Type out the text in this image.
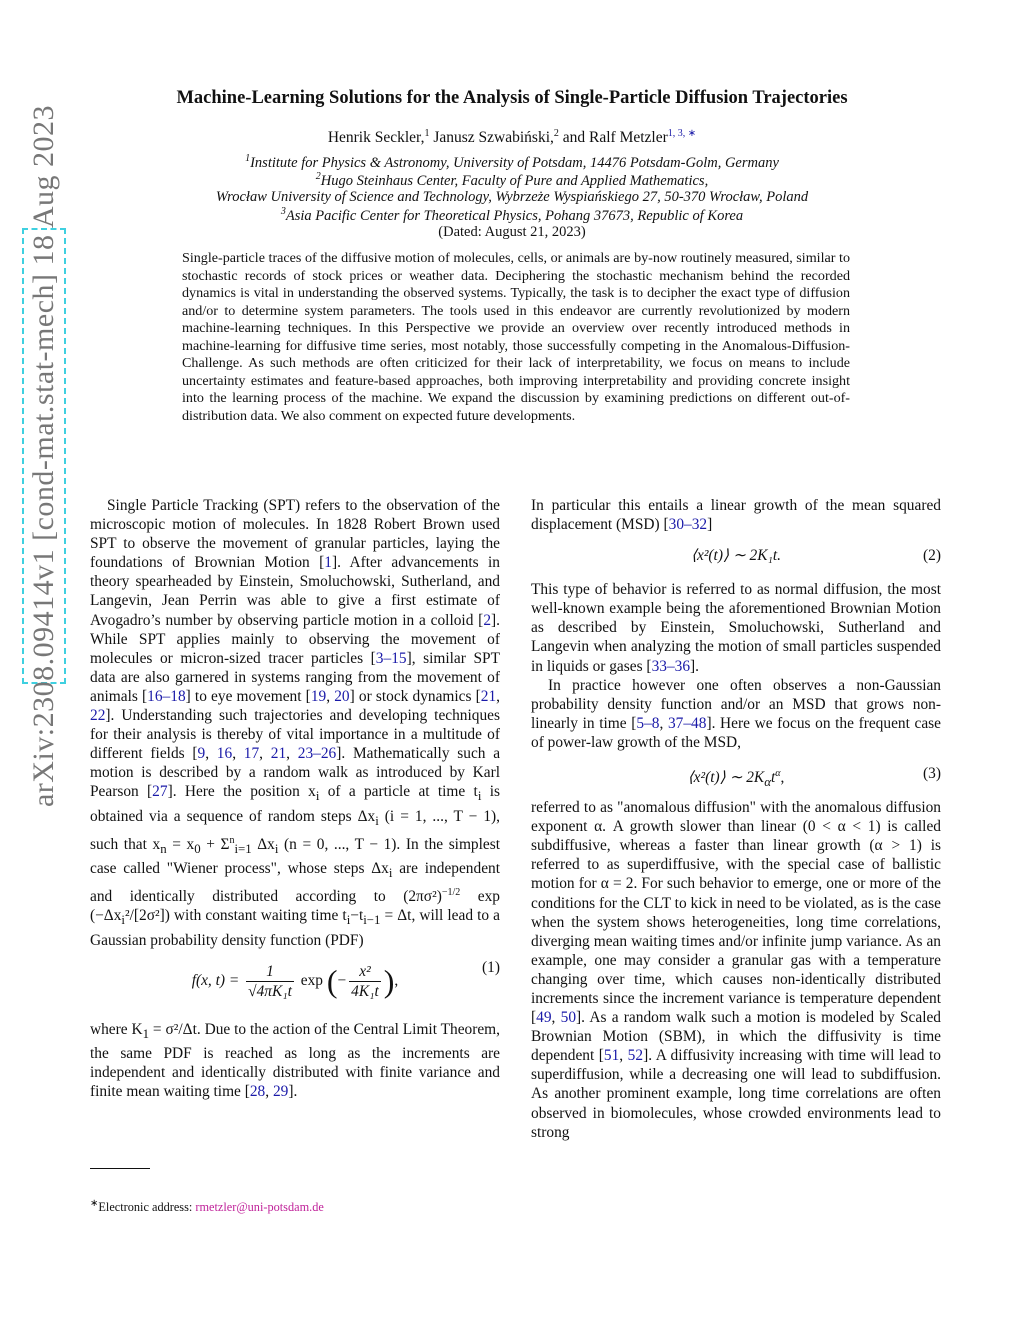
arXiv:2308.09414v1 [cond-mat.stat-mech] 18 Aug 2023
Machine-Learning Solutions for the Analysis of Single-Particle Diffusion Trajectories
Henrik Seckler,$^1$ Janusz Szwabiński,$^2$ and Ralf Metzler$^{1, 3, ∗}$
$^1$Institute for Physics & Astronomy, University of Potsdam, 14476 Potsdam-Golm, Germany
$^2$Hugo Steinhaus Center, Faculty of Pure and Applied Mathematics,
Wrocław University of Science and Technology, Wybrzeże Wyspiańskiego 27, 50-370 Wrocław, Poland
$^3$Asia Pacific Center for Theoretical Physics, Pohang 37673, Republic of Korea
(Dated: August 21, 2023)
Single-particle traces of the diffusive motion of molecules, cells, or animals are by-now routinely measured, similar to stochastic records of stock prices or weather data. Deciphering the stochastic mechanism behind the recorded dynamics is vital in understanding the observed systems. Typically, the task is to decipher the exact type of diffusion and/or to determine system parameters. The tools used in this endeavor are currently revolutionized by modern machine-learning techniques. In this Perspective we provide an overview over recently introduced methods in machine-learning for diffusive time series, most notably, those successfully competing in the Anomalous-Diffusion-Challenge. As such methods are often criticized for their lack of interpretability, we focus on means to include uncertainty estimates and feature-based approaches, both improving interpretability and providing concrete insight into the learning process of the machine. We expand the discussion by examining predictions on different out-of-distribution data. We also comment on expected future developments.

Single Particle Tracking (SPT) refers to the observation of the microscopic motion of molecules. In 1828 Robert Brown used SPT to observe the movement of granular particles, laying the foundations of Brownian Motion [1]. After advancements in theory spearheaded by Einstein, Smoluchowski, Sutherland, and Langevin, Jean Perrin was able to give a first estimate of Avogadro’s number by observing particle motion in a colloid [2]. While SPT applies mainly to observing the movement of molecules or micron-sized tracer particles [3–15], similar SPT data are also garnered in systems ranging from the movement of animals [16–18] to eye movement [19, 20] or stock dynamics [21, 22]. Understanding such trajectories and developing techniques for their analysis is thereby of vital importance in a multitude of different fields [9, 16, 17, 21, 23–26]. Mathematically such a motion is described by a random walk as introduced by Karl Pearson [27]. Here the position $x_i$ of a particle at time $t_i$ is obtained via a sequence of random steps $\Delta x_i$ (i = 1, ..., T − 1), such that $x_n = x_0 + \Sigma^n_{i=1}$ $\Delta x_i$ (n = 0, ..., T − 1). In the simplest case called "Wiener process", whose steps $\Delta x_i$ are independent and identically distributed according to $(2\pi\sigma^2)^{-1/2}$ $\exp (-\Delta x_i^2/[2\sigma^2])$ with constant waiting time $t_i-t_{i-1} = \Delta t$, will lead to a Gaussian probability density function (PDF)

f(x, $t) = \frac{1}{\text{√4πK₁t}}$ exp (− $\frac{\text{x²}}{\text{4K₁t}}$ ),
(1)

where $K_1 = \sigma^2/\Delta t$. Due to the action of the Central Limit Theorem, the same PDF is reached as long as the increments are independent and identically distributed with finite variance and finite mean waiting time [28, 29].

In particular this entails a linear growth of the mean squared displacement (MSD) [30–32]

⟨x²(t)⟩ ∼ 2K₁t.	(2)

This type of behavior is referred to as normal diffusion, the most well-known example being the aforementioned Brownian Motion as described by Einstein, Smoluchowski, Sutherland and Langevin when analyzing the motion of small particles suspended in liquids or gases [33–36].

In practice however one often observes a non-Gaussian probability density function and/or an MSD that grows non-linearly in time [5–8, 37–48]. Here we focus on the frequent case of power-law growth of the MSD,

⟨x²(t)⟩ ∼ $2K_\alpha t^\alpha$,	(3)

referred to as "anomalous diffusion" with the anomalous diffusion exponent α. A growth slower than linear (0 < α < 1) is called subdiffusive, whereas a faster than linear growth (α > 1) is referred to as superdiffusive, with the special case of ballistic motion for α = 2. For such behavior to emerge, one or more of the conditions for the CLT to kick in need to be violated, as is the case when the system shows heterogeneities, long time correlations, diverging mean waiting times and/or infinite jump variance. As an example, one may consider a granular gas with a temperature changing over time, which causes non-identically distributed increments since the increment variance is temperature dependent [49, 50]. As a random walk such a motion is modeled by Scaled Brownian Motion (SBM), in which the diffusivity is time dependent [51, 52]. A diffusivity increasing with time will lead to superdiffusion, while a decreasing one will lead to subdiffusion. As another prominent example, long time correlations are often observed in biomolecules, whose crowded environments lead to strong

∗Electronic address: rmetzler@uni-potsdam.de
